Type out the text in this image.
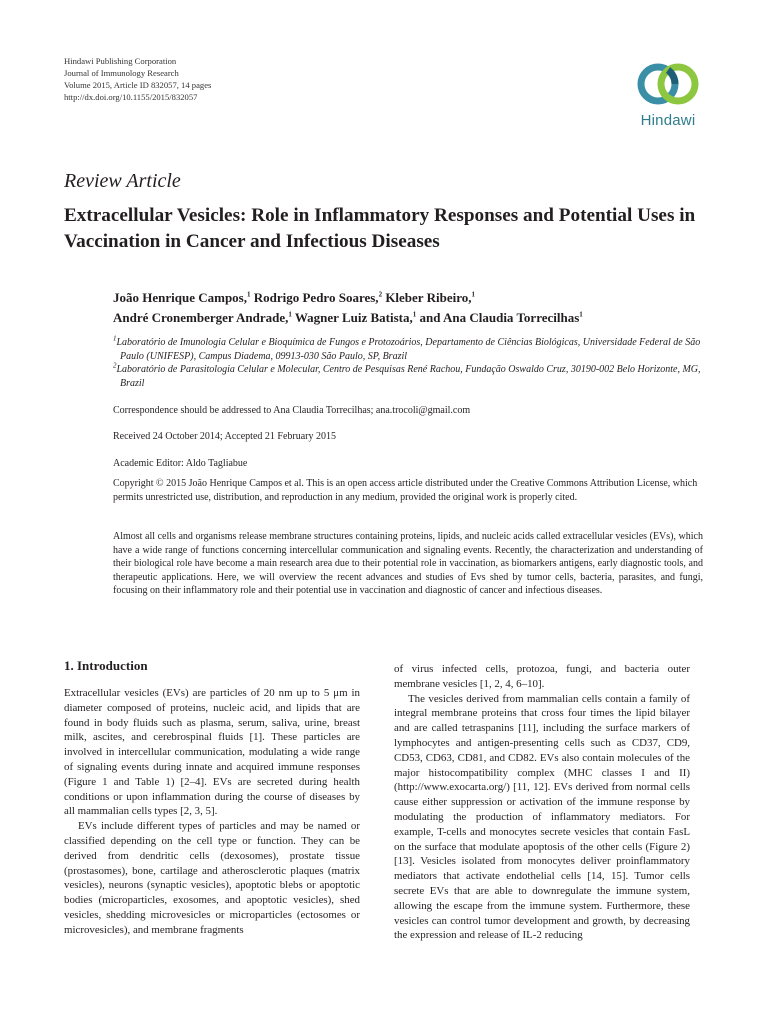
Hindawi Publishing Corporation
Journal of Immunology Research
Volume 2015, Article ID 832057, 14 pages
http://dx.doi.org/10.1155/2015/832057
Hindawi
Review Article
Extracellular Vesicles: Role in Inflammatory Responses and Potential Uses in Vaccination in Cancer and Infectious Diseases
João Henrique Campos,$^1$ Rodrigo Pedro Soares,$^2$ Kleber Ribeiro,$^1$
André Cronemberger Andrade,$^1$ Wagner Luiz Batista,$^1$ and Ana Claudia Torrecilhas$^1$
$^1$Laboratório de Imunologia Celular e Bioquímica de Fungos e Protozoários, Departamento de Ciências Biológicas, Universidade Federal de São Paulo (UNIFESP), Campus Diadema, 09913-030 São Paulo, SP, Brazil
$^2$Laboratório de Parasitologia Celular e Molecular, Centro de Pesquisas René Rachou, Fundação Oswaldo Cruz, 30190-002 Belo Horizonte, MG, Brazil
Correspondence should be addressed to Ana Claudia Torrecilhas; ana.trocoli@gmail.com
Received 24 October 2014; Accepted 21 February 2015
Academic Editor: Aldo Tagliabue
Copyright © 2015 João Henrique Campos et al. This is an open access article distributed under the Creative Commons Attribution License, which permits unrestricted use, distribution, and reproduction in any medium, provided the original work is properly cited.
Almost all cells and organisms release membrane structures containing proteins, lipids, and nucleic acids called extracellular vesicles (EVs), which have a wide range of functions concerning intercellular communication and signaling events. Recently, the characterization and understanding of their biological role have become a main research area due to their potential role in vaccination, as biomarkers antigens, early diagnostic tools, and therapeutic applications. Here, we will overview the recent advances and studies of Evs shed by tumor cells, bacteria, parasites, and fungi, focusing on their inflammatory role and their potential use in vaccination and diagnostic of cancer and infectious diseases.
1. Introduction

Extracellular vesicles (EVs) are particles of 20 nm up to 5 μm in diameter composed of proteins, nucleic acid, and lipids that are found in body fluids such as plasma, serum, saliva, urine, breast milk, ascites, and cerebrospinal fluids [1]. These particles are involved in intercellular communication, modulating a wide range of signaling events during innate and acquired immune responses (Figure 1 and Table 1) [2–4]. EVs are secreted during health conditions or upon inflammation during the course of diseases by all mammalian cells types [2, 3, 5].

EVs include different types of particles and may be named or classified depending on the cell type or function. They can be derived from dendritic cells (dexosomes), prostate tissue (prostasomes), bone, cartilage and atherosclerotic plaques (matrix vesicles), neurons (synaptic vesicles), apoptotic blebs or apoptotic bodies (microparticles, exosomes, and apoptotic vesicles), shed vesicles, shedding microvesicles or microparticles (ectosomes or microvesicles), and membrane fragments

of virus infected cells, protozoa, fungi, and bacteria outer membrane vesicles [1, 2, 4, 6–10].

The vesicles derived from mammalian cells contain a family of integral membrane proteins that cross four times the lipid bilayer and are called tetraspanins [11], including the surface markers of lymphocytes and antigen-presenting cells such as CD37, CD9, CD53, CD63, CD81, and CD82. EVs also contain molecules of the major histocompatibility complex (MHC classes I and II) (http://www.exocarta.org/) [11, 12]. EVs derived from normal cells cause either suppression or activation of the immune response by modulating the production of inflammatory mediators. For example, T-cells and monocytes secrete vesicles that contain FasL on the surface that modulate apoptosis of the other cells (Figure 2) [13]. Vesicles isolated from monocytes deliver proinflammatory mediators that activate endothelial cells [14, 15]. Tumor cells secrete EVs that are able to downregulate the immune system, allowing the escape from the immune system. Furthermore, these vesicles can control tumor development and growth, by decreasing the expression and release of IL-2 reducing
